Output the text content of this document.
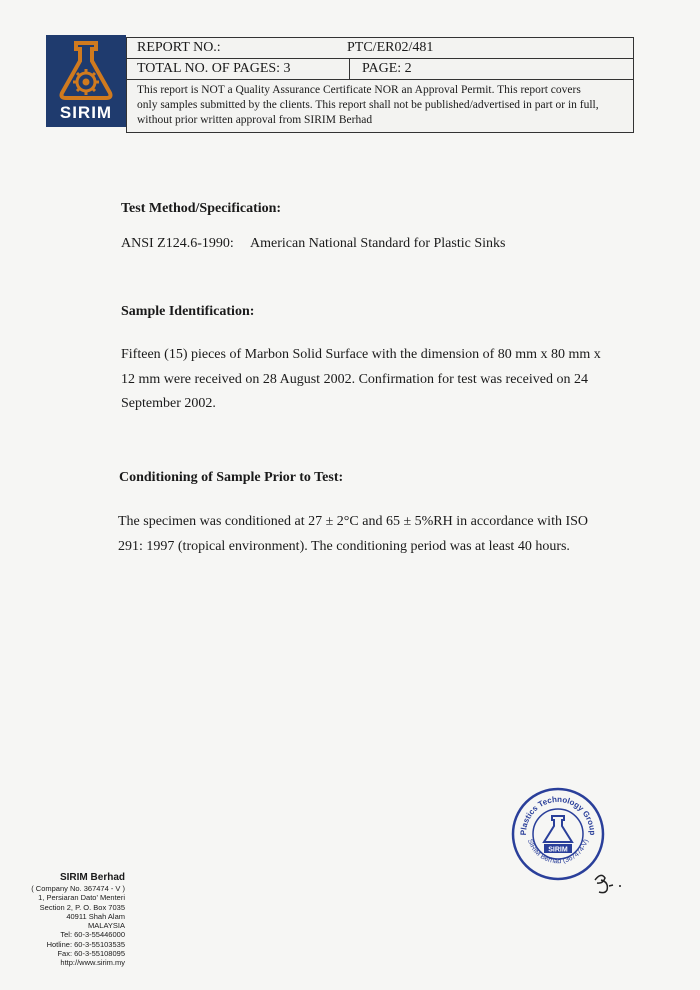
SIRIM
REPORT NO.:	PTC/ER02/481
TOTAL NO. OF PAGES: 3	PAGE: 2
This report is NOT a Quality Assurance Certificate NOR an Approval Permit. This report covers
only samples submitted by the clients. This report shall not be published/advertised in part or in full,
without prior written approval from SIRIM Berhad
Test Method/Specification:
ANSI Z124.6-1990: American National Standard for Plastic Sinks
Sample Identification:
Fifteen (15) pieces of Marbon Solid Surface with the dimension of 80 mm x 80 mm x
12 mm were received on 28 August 2002. Confirmation for test was received on 24
September 2002.
Conditioning of Sample Prior to Test:
The specimen was conditioned at 27 ± 2°C and 65 ± 5%RH in accordance with ISO
291: 1997 (tropical environment). The conditioning period was at least 40 hours.
Plastics Technology Group
SIRIM Berhad (367474-V)
SIRIM
SIRIM Berhad
( Company No. 367474 - V )
1, Persiaran Dato' Menteri
Section 2, P. O. Box 7035
40911 Shah Alam
MALAYSIA
Tel: 60-3-55446000
Hotline: 60-3-55103535
Fax: 60-3-55108095
http://www.sirim.my
